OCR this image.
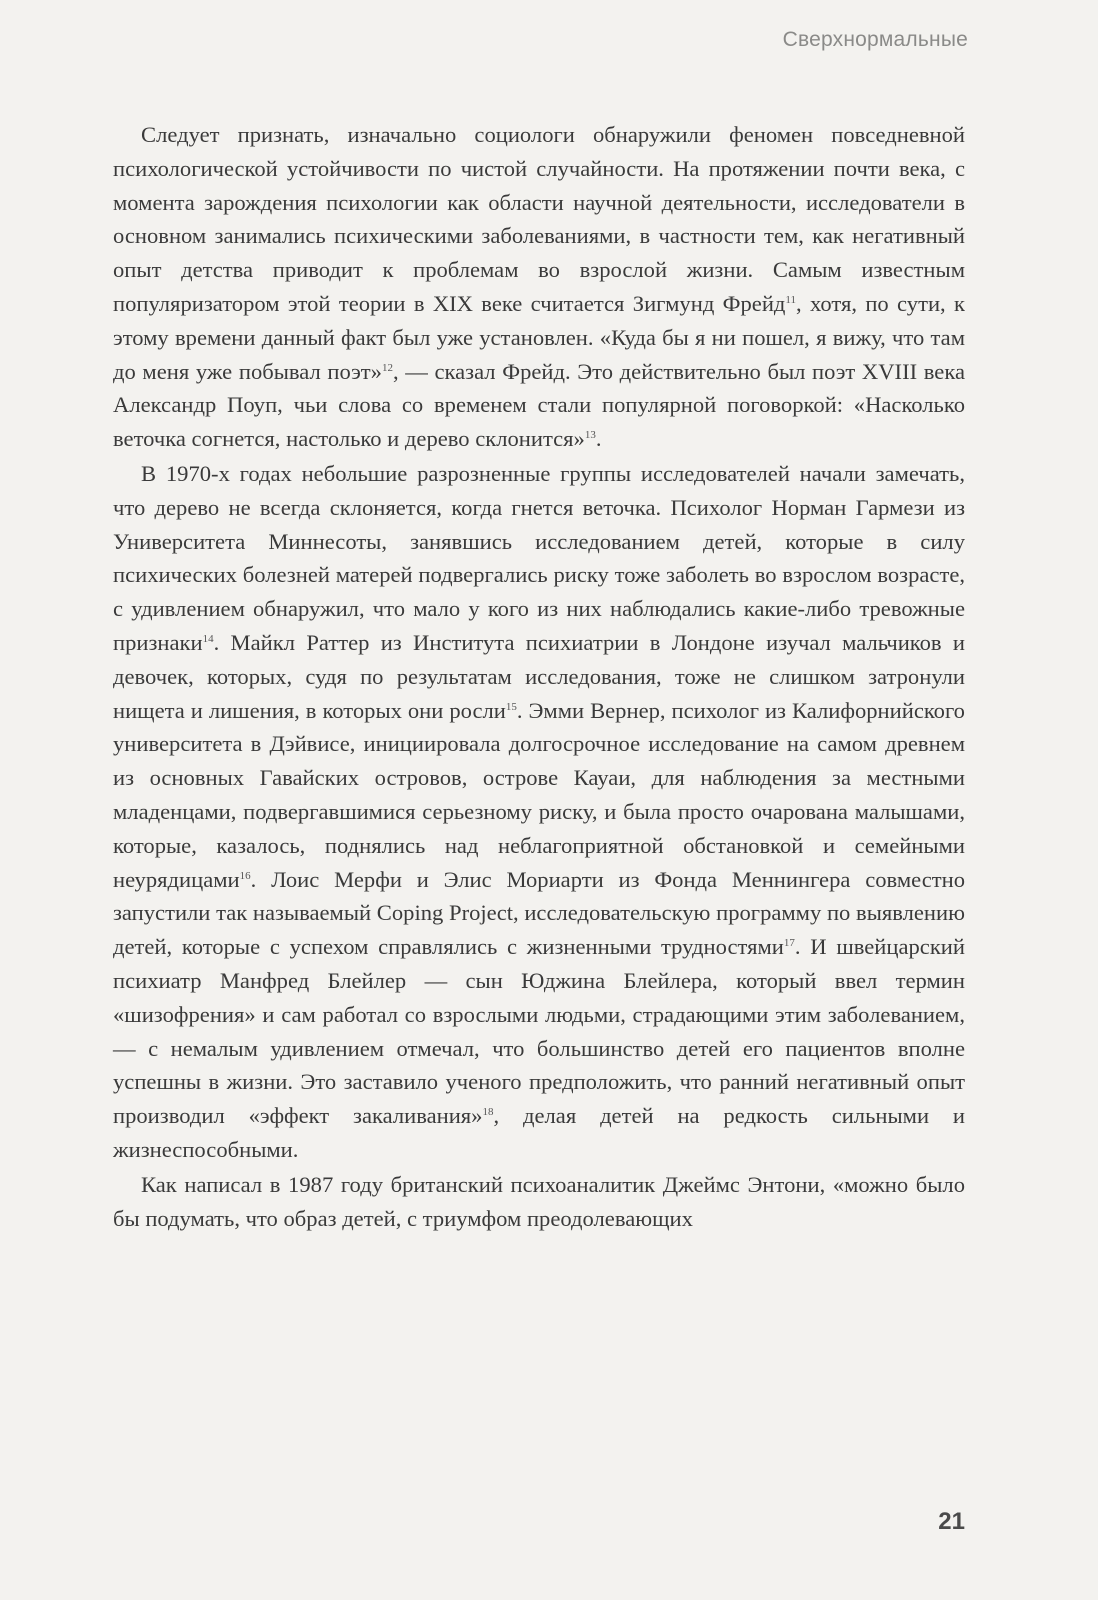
Сверхнормальные

Следует признать, изначально социологи обнаружили феномен повседневной психологической устойчивости по чистой случайности. На протяжении почти века, с момента зарождения психологии как области научной деятельности, исследователи в основном занимались психическими заболеваниями, в частности тем, как негативный опыт детства приводит к проблемам во взрослой жизни. Самым известным популяризатором этой теории в XIX веке считается Зигмунд Фрейд$^{11}$, хотя, по сути, к этому времени данный факт был уже установлен. «Куда бы я ни пошел, я вижу, что там до меня уже побывал поэт»$^{12}$, — сказал Фрейд. Это действительно был поэт XVIII века Александр Поуп, чьи слова со временем стали популярной поговоркой: «Насколько веточка согнется, настолько и дерево склонится»$^{13}$.

В 1970-х годах небольшие разрозненные группы исследователей начали замечать, что дерево не всегда склоняется, когда гнется веточка. Психолог Норман Гармези из Университета Миннесоты, занявшись исследованием детей, которые в силу психических болезней матерей подвергались риску тоже заболеть во взрослом возрасте, с удивлением обнаружил, что мало у кого из них наблюдались какие-либо тревожные признаки$^{14}$. Майкл Раттер из Института психиатрии в Лондоне изучал мальчиков и девочек, которых, судя по результатам исследования, тоже не слишком затронули нищета и лишения, в которых они росли$^{15}$. Эмми Вернер, психолог из Калифорнийского университета в Дэйвисе, инициировала долгосрочное исследование на самом древнем из основных Гавайских островов, острове Кауаи, для наблюдения за местными младенцами, подвергавшимися серьезному риску, и была просто очарована малышами, которые, казалось, поднялись над неблагоприятной обстановкой и семейными неурядицами$^{16}$. Лоис Мерфи и Элис Мориарти из Фонда Меннингера совместно запустили так называемый Coping Project, исследовательскую программу по выявлению детей, которые с успехом справлялись с жизненными трудностями$^{17}$. И швейцарский психиатр Манфред Блейлер — сын Юджина Блейлера, который ввел термин «шизофрения» и сам работал со взрослыми людьми, страдающими этим заболеванием, — с немалым удивлением отмечал, что большинство детей его пациентов вполне успешны в жизни. Это заставило ученого предположить, что ранний негативный опыт производил «эффект закаливания»$^{18}$, делая детей на редкость сильными и жизнеспособными.

Как написал в 1987 году британский психоаналитик Джеймс Энтони, «можно было бы подумать, что образ детей, с триумфом преодолевающих

21
